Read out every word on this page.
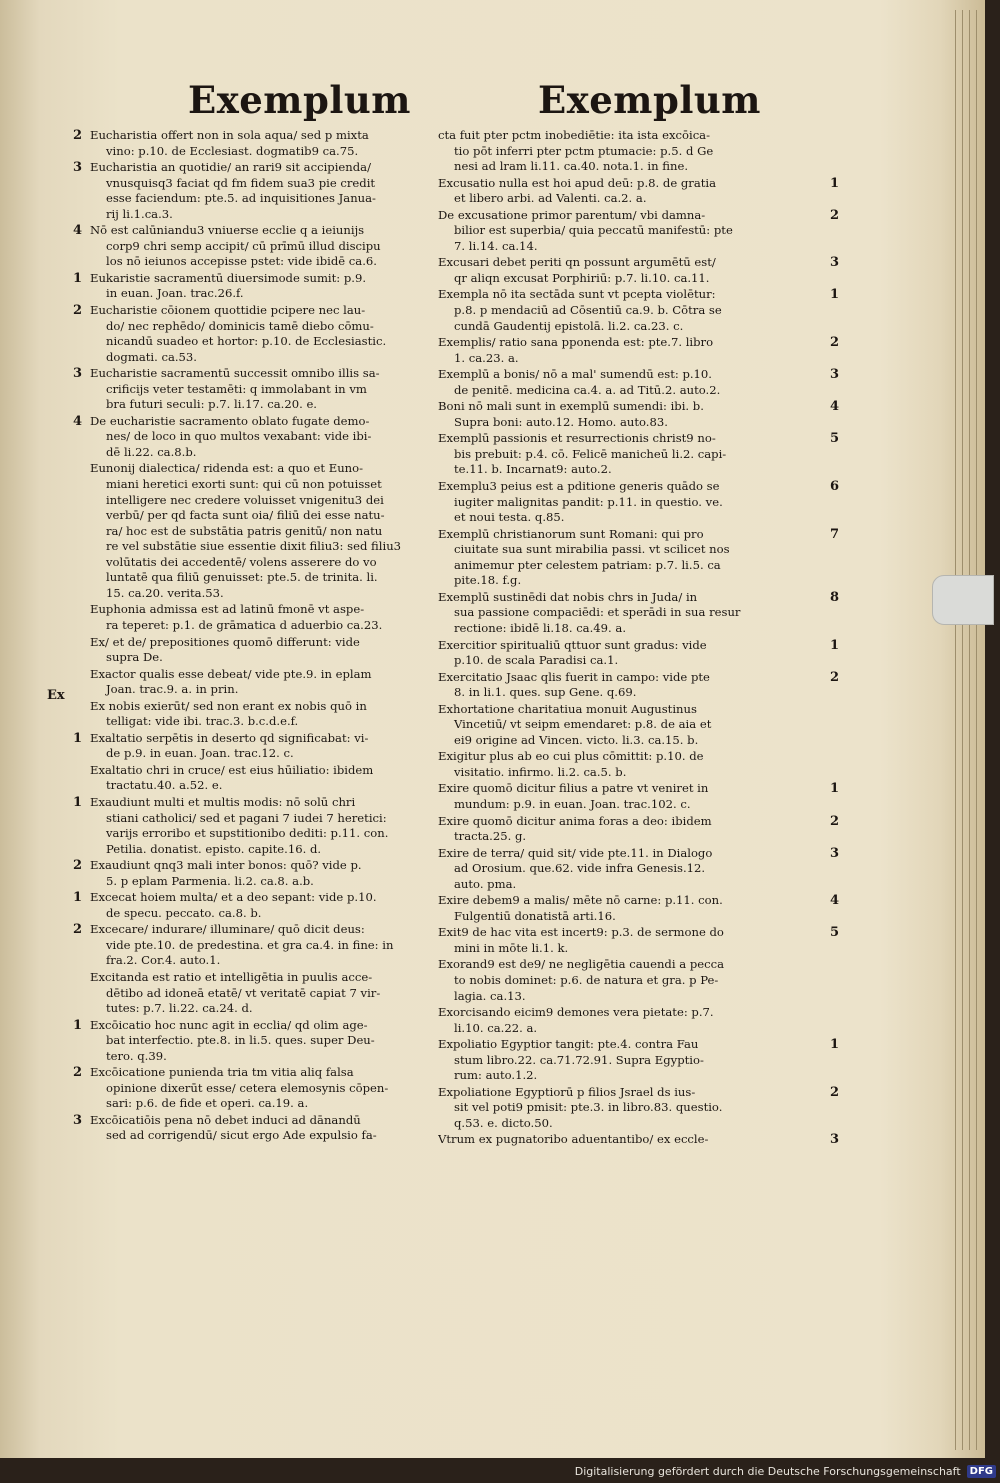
Exemplum	Exemplum
Ex
2 Eucharistia offert non in sola aqua/ sed p mixta
vino: p.10. de Ecclesiast. dogmatib9 ca.75.
3 Eucharistia an quotidie/ an rari9 sit accipienda/
vnusquisq3 faciat qd fm fidem sua3 pie credit
esse faciendum: pte.5. ad inquisitiones Janua-
rij li.1.ca.3.
4 Nō est calūniandu3 vniuerse ecclie q a ieiunijs
corp9 chri semp accipit/ cū prīmū illud discipu
los nō ieiunos accepisse pstet: vide ibidē ca.6.
1 Eukaristie sacramentū diuersimode sumit: p.9.
in euan. Joan. trac.26.f.
2 Eucharistie cōionem quottidie pcipere nec lau-
do/ nec rephēdo/ dominicis tamē diebo cōmu-
nicandū suadeo et hortor: p.10. de Ecclesiastic.
dogmati. ca.53.
3 Eucharistie sacramentū successit omnibo illis sa-
crificijs veter testamēti: q immolabant in vm
bra futuri seculi: p.7. li.17. ca.20. e.
4 De eucharistie sacramento oblato fugate demo-
nes/ de loco in quo multos vexabant: vide ibi-
dē li.22. ca.8.b.
Eunonij dialectica/ ridenda est: a quo et Euno-
miani heretici exorti sunt: qui cū non potuisset
intelligere nec credere voluisset vnigenitu3 dei
verbū/ per qd facta sunt oia/ filiū dei esse natu-
ra/ hoc est de substātia patris genitū/ non natu
re vel substātie siue essentie dixit filiu3: sed filiu3
volūtatis dei accedentē/ volens asserere do vo
luntatē qua filiū genuisset: pte.5. de trinita. li.
15. ca.20. verita.53.
Euphonia admissa est ad latinū fmonē vt aspe-
ra teperet: p.1. de grāmatica d aduerbio ca.23.
Ex/ et de/ prepositiones quomō differunt: vide
supra De.
Exactor qualis esse debeat/ vide pte.9. in eplam
Joan. trac.9. a. in prin.
Ex nobis exierūt/ sed non erant ex nobis quō in
telligat: vide ibi. trac.3. b.c.d.e.f.
1 Exaltatio serpētis in deserto qd significabat: vi-
de p.9. in euan. Joan. trac.12. c.
Exaltatio chri in cruce/ est eius hūiliatio: ibidem
tractatu.40. a.52. e.
1 Exaudiunt multi et multis modis: nō solū chri
stiani catholici/ sed et pagani 7 iudei 7 heretici:
varijs erroribo et supstitionibo dediti: p.11. con.
Petilia. donatist. episto. capite.16. d.
2 Exaudiunt qnq3 mali inter bonos: quō? vide p.
5. p eplam Parmenia. li.2. ca.8. a.b.
1 Excecat hoiem multa/ et a deo sepant: vide p.10.
de specu. peccato. ca.8. b.
2 Excecare/ indurare/ illuminare/ quō dicit deus:
vide pte.10. de predestina. et gra ca.4. in fine: in
fra.2. Cor.4. auto.1.
Excitanda est ratio et intelligētia in puulis acce-
dētibo ad idoneā etatē/ vt veritatē capiat 7 vir-
tutes: p.7. li.22. ca.24. d.
1 Excōicatio hoc nunc agit in ecclia/ qd olim age-
bat interfectio. pte.8. in li.5. ques. super Deu-
tero. q.39.
2 Excōicatione punienda tria tm vitia aliq falsa
opinione dixerūt esse/ cetera elemosynis cōpen-
sari: p.6. de fide et operi. ca.19. a.
3 Excōicatiōis pena nō debet induci ad dānandū
sed ad corrigendū/ sicut ergo Ade expulsio fa-
cta fuit pter pctm inobediētie: ita ista excōica-
tio pōt inferri pter pctm ptumacie: p.5. d Ge
nesi ad lram li.11. ca.40. nota.1. in fine.
1
Excusatio nulla est hoi apud deū: p.8. de gratia
et libero arbi. ad Valenti. ca.2. a.
2
De excusatione primor parentum/ vbi damna-
bilior est superbia/ quia peccatū manifestū: pte
7. li.14. ca.14.
3
Excusari debet periti qn possunt argumētū est/
qr aliqn excusat Porphiriū: p.7. li.10. ca.11.
1
Exempla nō ita sectāda sunt vt pcepta violētur:
p.8. p mendaciū ad Cōsentiū ca.9. b. Cōtra se
cundā Gaudentij epistolā. li.2. ca.23. c.
2
Exemplis/ ratio sana pponenda est: pte.7. libro
1. ca.23. a.
3
Exemplū a bonis/ nō a mal' sumendū est: p.10.
de penitē. medicina ca.4. a. ad Titū.2. auto.2.
4
Boni nō mali sunt in exemplū sumendi: ibi. b.
Supra boni: auto.12. Homo. auto.83.
5
Exemplū passionis et resurrectionis christ9 no-
bis prebuit: p.4. cō. Felicē manicheū li.2. capi-
te.11. b. Incarnat9: auto.2.
6
Exemplu3 peius est a pditione generis quādo se
iugiter malignitas pandit: p.11. in questio. ve.
et noui testa. q.85.
7
Exemplū christianorum sunt Romani: qui pro
ciuitate sua sunt mirabilia passi. vt scilicet nos
animemur pter celestem patriam: p.7. li.5. ca
pite.18. f.g.
8
Exemplū sustinēdi dat nobis chrs in Juda/ in
sua passione compaciēdi: et sperādi in sua resur
rectione: ibidē li.18. ca.49. a.
1
Exercitior spiritualiū qttuor sunt gradus: vide
p.10. de scala Paradisi ca.1.
2
Exercitatio Jsaac qlis fuerit in campo: vide pte
8. in li.1. ques. sup Gene. q.69.
Exhortatione charitatiua monuit Augustinus
Vincetiū/ vt seipm emendaret: p.8. de aia et
ei9 origine ad Vincen. victo. li.3. ca.15. b.
Exigitur plus ab eo cui plus cōmittit: p.10. de
visitatio. infirmo. li.2. ca.5. b.
1
Exire quomō dicitur filius a patre vt veniret in
mundum: p.9. in euan. Joan. trac.102. c.
2
Exire quomō dicitur anima foras a deo: ibidem
tracta.25. g.
3
Exire de terra/ quid sit/ vide pte.11. in Dialogo
ad Orosium. que.62. vide infra Genesis.12.
auto. pma.
4
Exire debem9 a malis/ mēte nō carne: p.11. con.
Fulgentiū donatistā arti.16.
5
Exit9 de hac vita est incert9: p.3. de sermone do
mini in mōte li.1. k.
Exorand9 est de9/ ne negligētia cauendi a pecca
to nobis dominet: p.6. de natura et gra. p Pe-
lagia. ca.13.
Exorcisando eicim9 demones vera pietate: p.7.
li.10. ca.22. a.
1
Expoliatio Egyptior tangit: pte.4. contra Fau
stum libro.22. ca.71.72.91. Supra Egyptio-
rum: auto.1.2.
2
Expoliatione Egyptiorū p filios Jsrael ds ius-
sit vel poti9 pmisit: pte.3. in libro.83. questio.
q.53. e. dicto.50.
3
Vtrum ex pugnatoribo aduentantibo/ ex eccle-
Digitalisierung gefördert durch die Deutsche Forschungsgemeinschaft DFG
